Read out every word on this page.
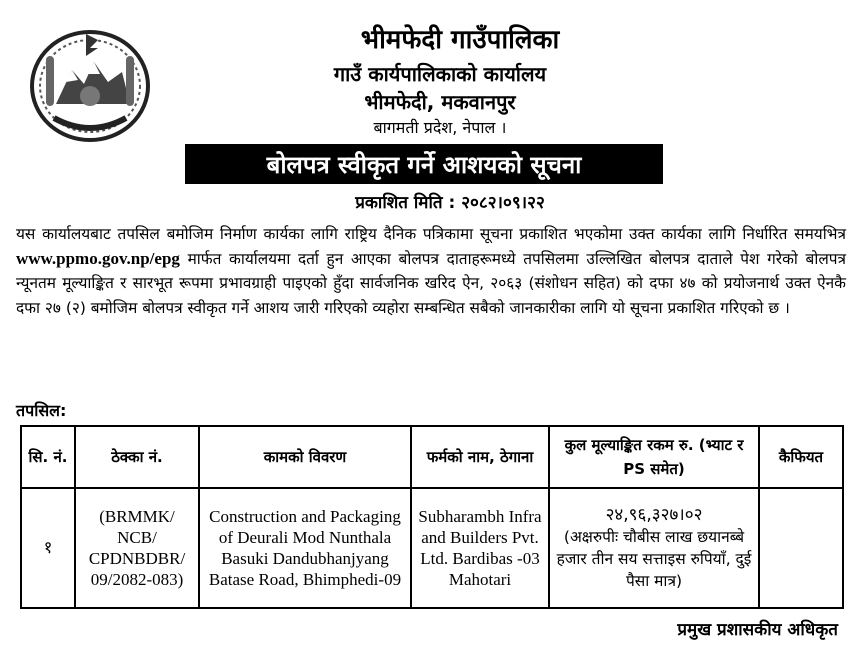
भीमफेदी गाउँपालिका
गाउँ कार्यपालिकाको कार्यालय
भीमफेदी, मकवानपुर
बागमती प्रदेश, नेपाल ।
बोलपत्र स्वीकृत गर्ने आशयको सूचना
प्रकाशित मिति : २०८२।०९।२२
यस कार्यालयबाट तपसिल बमोजिम निर्माण कार्यका लागि राष्ट्रिय दैनिक पत्रिकामा सूचना प्रकाशित भएकोमा उक्त कार्यका लागि निर्धारित समयभित्र www.ppmo.gov.np/epg मार्फत कार्यालयमा दर्ता हुन आएका बोलपत्र दाताहरूमध्ये तपसिलमा उल्लिखित बोलपत्र दाताले पेश गरेको बोलपत्र न्यूनतम मूल्याङ्कित र सारभूत रूपमा प्रभावग्राही पाइएको हुँदा सार्वजनिक खरिद ऐन, २०६३ (संशोधन सहित) को दफा ४७ को प्रयोजनार्थ उक्त ऐनकै दफा २७ (२) बमोजिम बोलपत्र स्वीकृत गर्ने आशय जारी गरिएको व्यहोरा सम्बन्धित सबैको जानकारीका लागि यो सूचना प्रकाशित गरिएको छ ।
तपसिल:
सि. नं.	ठेक्का नं.	कामको विवरण	फर्मको नाम, ठेगाना	कुल मूल्याङ्कित रकम रु. (भ्याट र PS समेत)	कैफियत
१	(BRMMK/ NCB/ CPDNBDBR/ 09/2082-083)	Construction and Packaging of Deurali Mod Nunthala Basuki Dandubhanjyang Batase Road, Bhimphedi-09	Subharambh Infra and Builders Pvt. Ltd. Bardibas -03 Mahotari	२४,९६,३२७।०२
(अक्षरुपीः चौबीस लाख छयानब्बे हजार तीन सय सत्ताइस रुपियाँ, दुई पैसा मात्र)	

प्रमुख प्रशासकीय अधिकृत
